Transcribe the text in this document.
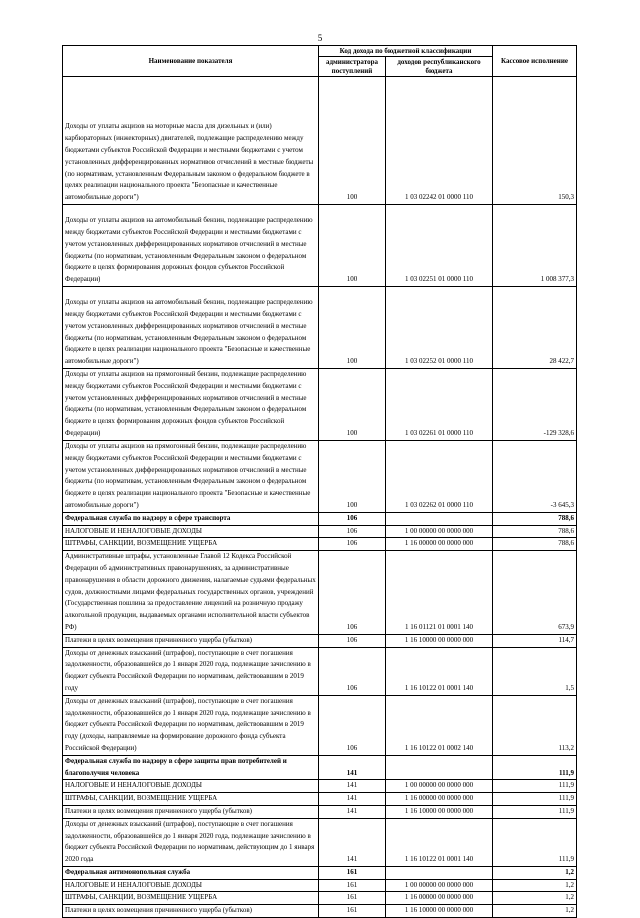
5
Наименование показателя	Код дохода по бюджетной классификации		Кассовое исполнение
	администратора поступлений	доходов республиканского бюджета	
Доходы от уплаты акцизов на моторные масла для дизельных и (или) карбюраторных (инжекторных) двигателей, подлежащие распределению между бюджетами субъектов Российской Федерации и местными бюджетами с учетом установленных дифференцированных нормативов отчислений в местные бюджеты (по нормативам, установленным Федеральным законом о федеральном бюджете в целях реализации национального проекта "Безопасные и качественные автомобильные дороги")	100	1 03 02242 01 0000 110	150,3
Доходы от уплаты акцизов на автомобильный бензин, подлежащие распределению между бюджетами субъектов Российской Федерации и местными бюджетами с учетом установленных дифференцированных нормативов отчислений в местные бюджеты (по нормативам, установленным Федеральным законом о федеральном бюджете в целях формирования дорожных фондов субъектов Российской Федерации)	100	1 03 02251 01 0000 110	1 008 377,3
Доходы от уплаты акцизов на автомобильный бензин, подлежащие распределению между бюджетами субъектов Российской Федерации и местными бюджетами с учетом установленных дифференцированных нормативов отчислений в местные бюджеты (по нормативам, установленным Федеральным законом о федеральном бюджете в целях реализации национального проекта "Безопасные и качественные автомобильные дороги")	100	1 03 02252 01 0000 110	28 422,7
Доходы от уплаты акцизов на прямогонный бензин, подлежащие распределению между бюджетами субъектов Российской Федерации и местными бюджетами с учетом установленных дифференцированных нормативов отчислений в местные бюджеты (по нормативам, установленным Федеральным законом о федеральном бюджете в целях формирования дорожных фондов субъектов Российской Федерации)	100	1 03 02261 01 0000 110	-129 328,6
Доходы от уплаты акцизов на прямогонный бензин, подлежащие распределению между бюджетами субъектов Российской Федерации и местными бюджетами с учетом установленных дифференцированных нормативов отчислений в местные бюджеты (по нормативам, установленным Федеральным законом о федеральном бюджете в целях реализации национального проекта "Безопасные и качественные автомобильные дороги")	100	1 03 02262 01 0000 110	-3 645,3
Федеральная служба по надзору в сфере транспорта	106		788,6
НАЛОГОВЫЕ И НЕНАЛОГОВЫЕ ДОХОДЫ	106	1 00 00000 00 0000 000	788,6
ШТРАФЫ, САНКЦИИ, ВОЗМЕЩЕНИЕ УЩЕРБА	106	1 16 00000 00 0000 000	788,6
Административные штрафы, установленные Главой 12 Кодекса Российской Федерации об административных правонарушениях, за административные правонарушения в области дорожного движения, налагаемые судьями федеральных судов, должностными лицами федеральных государственных органов, учреждений (Государственная пошлина за предоставление лицензий на розничную продажу алкогольной продукции, выдаваемых органами исполнительной власти субъектов РФ)	106	1 16 01121 01 0001 140	673,9
Платежи в целях возмещения причиненного ущерба (убытков)	106	1 16 10000 00 0000 000	114,7
Доходы от денежных взысканий (штрафов), поступающие в счет погашения задолженности, образовавшейся до 1 января 2020 года, подлежащие зачислению в бюджет субъекта Российской Федерации по нормативам, действовавшим в 2019 году	106	1 16 10122 01 0001 140	1,5
Доходы от денежных взысканий (штрафов), поступающие в счет погашения задолженности, образовавшейся до 1 января 2020 года, подлежащие зачислению в бюджет субъекта Российской Федерации по нормативам, действовавшим в 2019 году (доходы, направляемые на формирование дорожного фонда субъекта Российской Федерации)	106	1 16 10122 01 0002 140	113,2
Федеральная служба по надзору в сфере защиты прав потребителей и благополучия человека	141		111,9
НАЛОГОВЫЕ И НЕНАЛОГОВЫЕ ДОХОДЫ	141	1 00 00000 00 0000 000	111,9
ШТРАФЫ, САНКЦИИ, ВОЗМЕЩЕНИЕ УЩЕРБА	141	1 16 00000 00 0000 000	111,9
Платежи в целях возмещения причиненного ущерба (убытков)	141	1 16 10000 00 0000 000	111,9
Доходы от денежных взысканий (штрафов), поступающие в счет погашения задолженности, образовавшейся до 1 января 2020 года, подлежащие зачислению в бюджет субъекта Российской Федерации по нормативам, действующим до 1 января 2020 года	141	1 16 10122 01 0001 140	111,9
Федеральная антимонопольная служба	161		1,2
НАЛОГОВЫЕ И НЕНАЛОГОВЫЕ ДОХОДЫ	161	1 00 00000 00 0000 000	1,2
ШТРАФЫ, САНКЦИИ, ВОЗМЕЩЕНИЕ УЩЕРБА	161	1 16 00000 00 0000 000	1,2
Платежи в целях возмещения причиненного ущерба (убытков)	161	1 16 10000 00 0000 000	1,2
